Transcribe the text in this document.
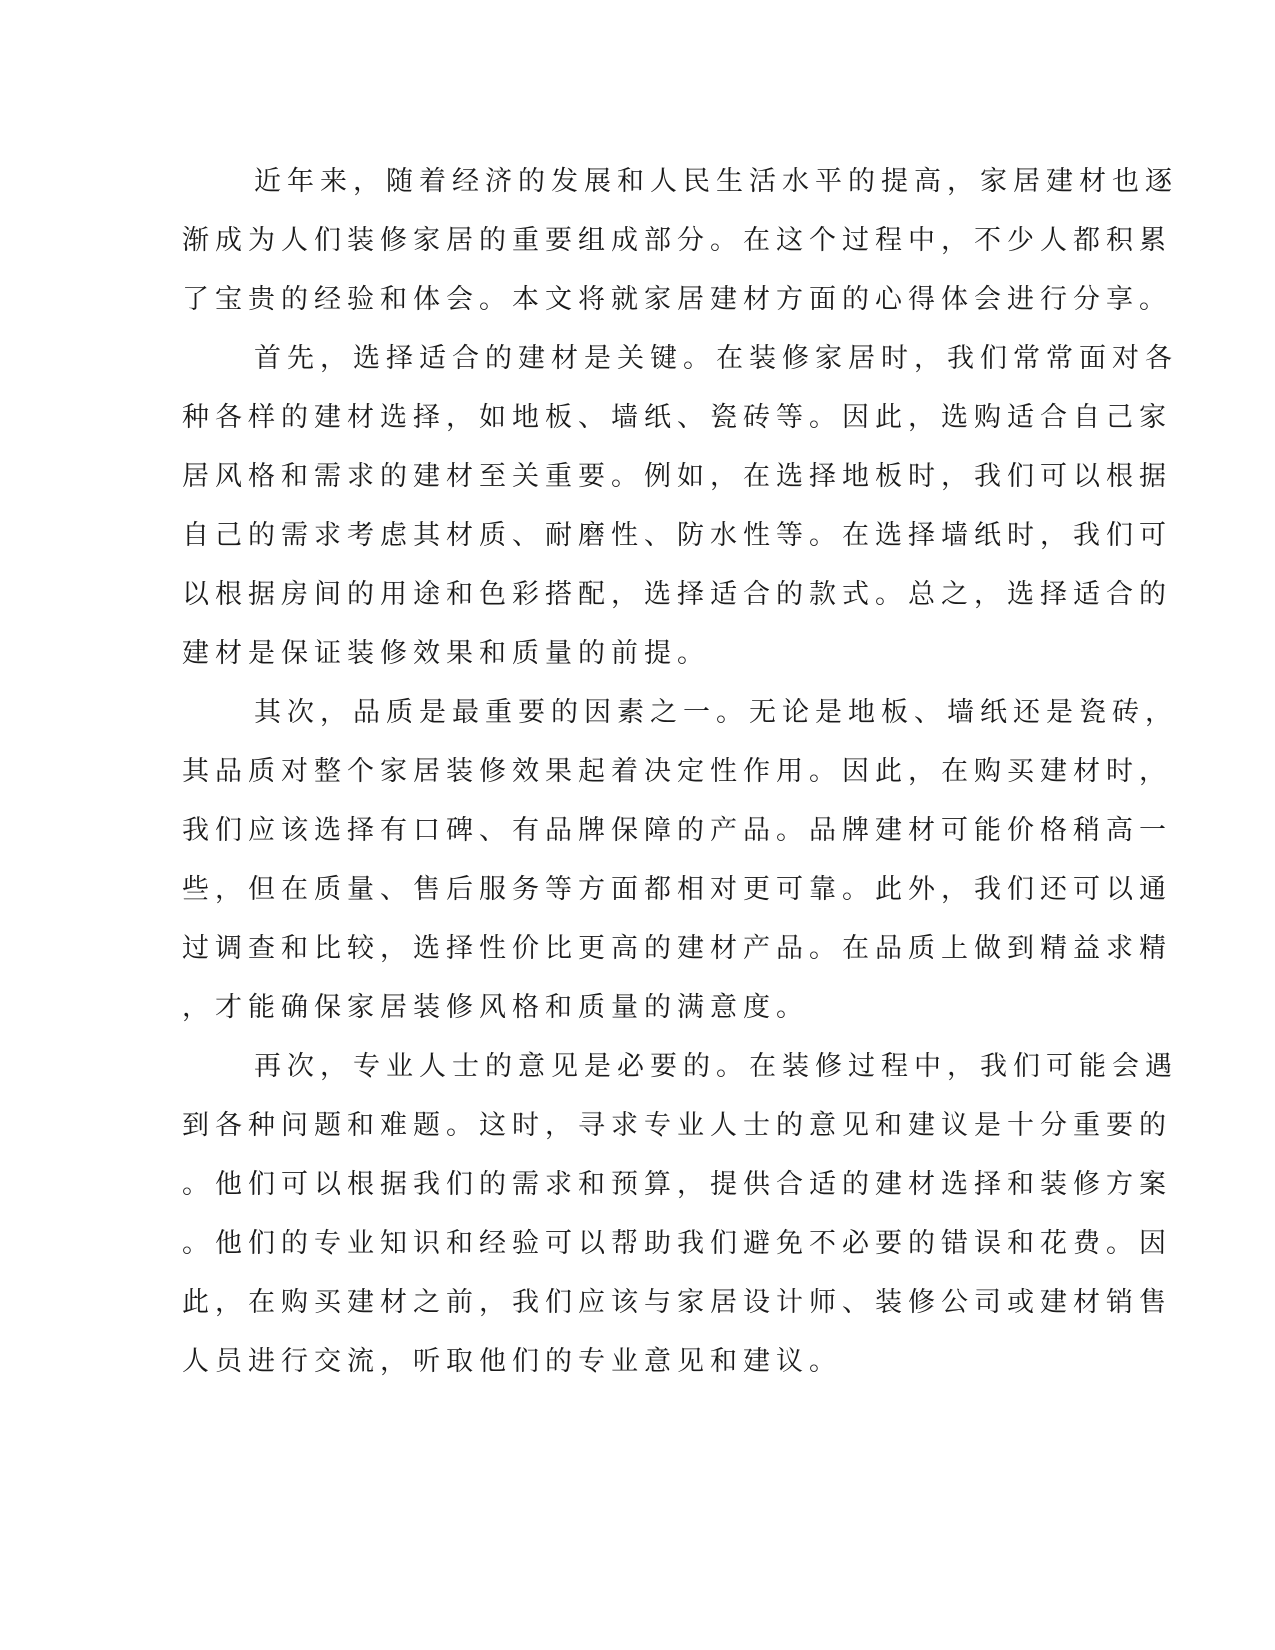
近年来，随着经济的发展和人民生活水平的提高，家居建材也逐
渐成为人们装修家居的重要组成部分。在这个过程中，不少人都积累
了宝贵的经验和体会。本文将就家居建材方面的心得体会进行分享。
首先，选择适合的建材是关键。在装修家居时，我们常常面对各
种各样的建材选择，如地板、墙纸、瓷砖等。因此，选购适合自己家
居风格和需求的建材至关重要。例如，在选择地板时，我们可以根据
自己的需求考虑其材质、耐磨性、防水性等。在选择墙纸时，我们可
以根据房间的用途和色彩搭配，选择适合的款式。总之，选择适合的
建材是保证装修效果和质量的前提。
其次，品质是最重要的因素之一。无论是地板、墙纸还是瓷砖，
其品质对整个家居装修效果起着决定性作用。因此，在购买建材时，
我们应该选择有口碑、有品牌保障的产品。品牌建材可能价格稍高一
些，但在质量、售后服务等方面都相对更可靠。此外，我们还可以通
过调查和比较，选择性价比更高的建材产品。在品质上做到精益求精
，才能确保家居装修风格和质量的满意度。
再次，专业人士的意见是必要的。在装修过程中，我们可能会遇
到各种问题和难题。这时，寻求专业人士的意见和建议是十分重要的
。他们可以根据我们的需求和预算，提供合适的建材选择和装修方案
。他们的专业知识和经验可以帮助我们避免不必要的错误和花费。因
此，在购买建材之前，我们应该与家居设计师、装修公司或建材销售
人员进行交流，听取他们的专业意见和建议。
